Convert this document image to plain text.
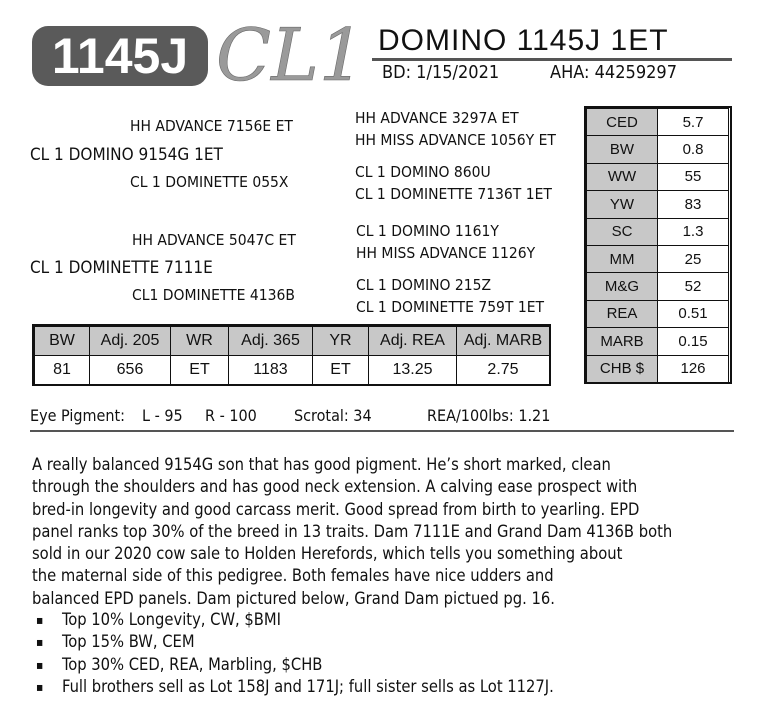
1145J CL1 DOMINO 1145J 1ET
BD: 1/15/2021	AHA: 44259297
HH ADVANCE 7156E ET
CL 1 DOMINO 9154G 1ET
CL 1 DOMINETTE 055X
HH ADVANCE 3297A ET
HH MISS ADVANCE 1056Y ET
CL 1 DOMINO 860U
CL 1 DOMINETTE 7136T 1ET
HH ADVANCE 5047C ET
CL 1 DOMINETTE 7111E
CL1 DOMINETTE 4136B
CL 1 DOMINO 1161Y
HH MISS ADVANCE 1126Y
CL 1 DOMINO 215Z
CL 1 DOMINETTE 759T 1ET
CED	5.7
BW	0.8
WW	55
YW	83
SC	1.3
MM	25
M&G	52
REA	0.51
MARB	0.15
CHB $	126
BW	Adj. 205	WR	Adj. 365	YR	Adj. REA	Adj. MARB
81	656	ET	1183	ET	13.25	2.75
Eye Pigment: L - 95 R - 100 Scrotal: 34	REA/100lbs: 1.21
A really balanced 9154G son that has good pigment. He’s short marked, clean
through the shoulders and has good neck extension. A calving ease prospect with
bred-in longevity and good carcass merit. Good spread from birth to yearling. EPD
panel ranks top 30% of the breed in 13 traits. Dam 7111E and Grand Dam 4136B both
sold in our 2020 cow sale to Holden Herefords, which tells you something about
the maternal side of this pedigree. Both females have nice udders and
balanced EPD panels. Dam pictured below, Grand Dam pictued pg. 16.
▪ Top 10% Longevity, CW, $BMI
▪ Top 15% BW, CEM
▪ Top 30% CED, REA, Marbling, $CHB
▪ Full brothers sell as Lot 158J and 171J; full sister sells as Lot 1127J.
